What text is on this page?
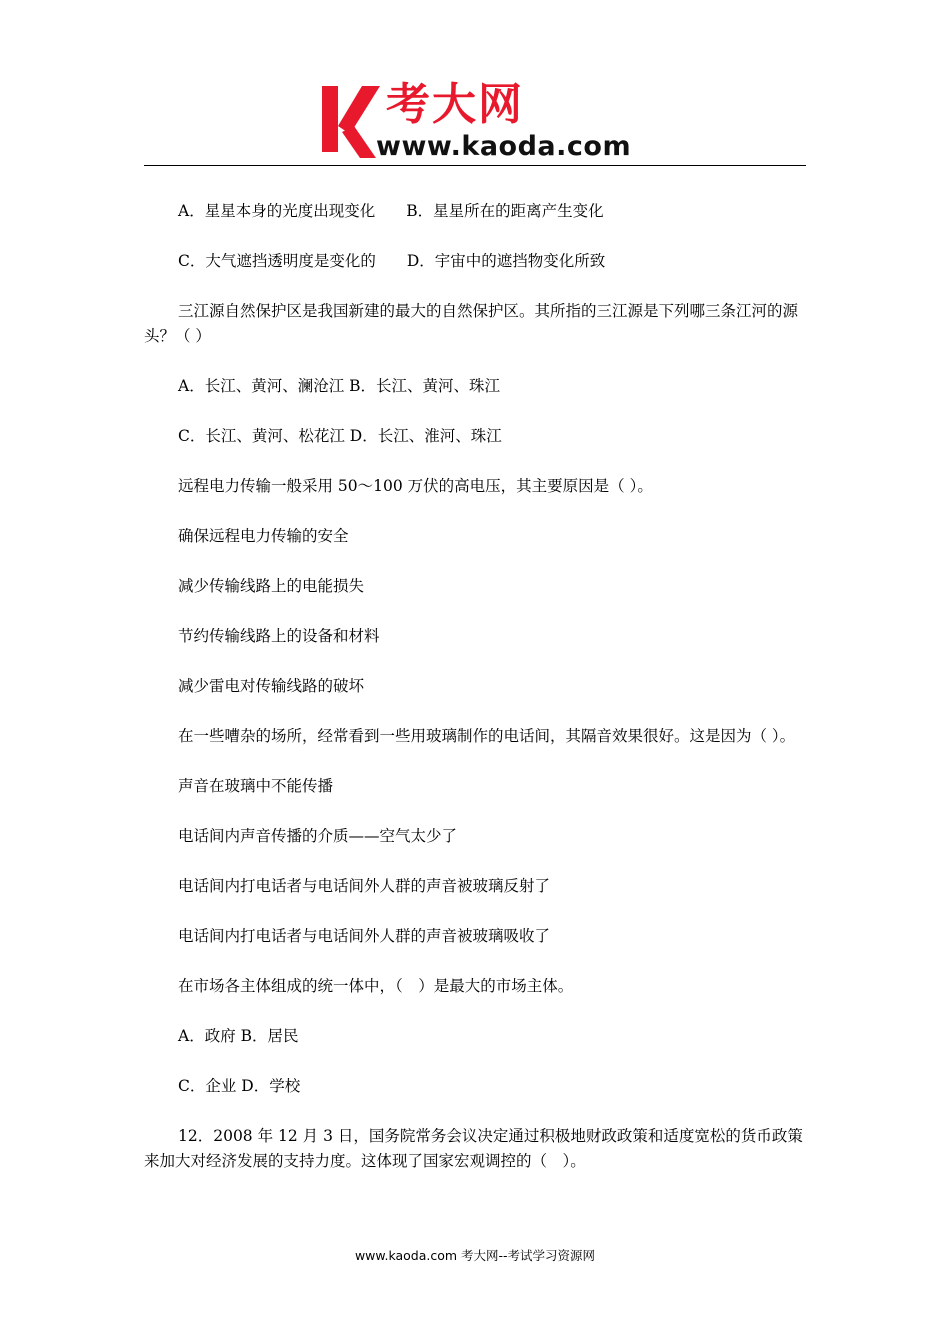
考大网
www.kaoda.com

A．星星本身的光度出现变化　　B．星星所在的距离产生变化

C．大气遮挡透明度是变化的　　D．宇宙中的遮挡物变化所致

三江源自然保护区是我国新建的最大的自然保护区。其所指的三江源是下列哪三条江河的源头？（ ）

A．长江、黄河、澜沧江 B．长江、黄河、珠江

C．长江、黄河、松花江 D．长江、淮河、珠江

远程电力传输一般采用 50～100 万伏的高电压，其主要原因是（ ）。

确保远程电力传输的安全

减少传输线路上的电能损失

节约传输线路上的设备和材料

减少雷电对传输线路的破坏

在一些嘈杂的场所，经常看到一些用玻璃制作的电话间，其隔音效果很好。这是因为（ ）。

声音在玻璃中不能传播

电话间内声音传播的介质——空气太少了

电话间内打电话者与电话间外人群的声音被玻璃反射了

电话间内打电话者与电话间外人群的声音被玻璃吸收了

在市场各主体组成的统一体中，（　）是最大的市场主体。

A．政府 B．居民

C．企业 D．学校

12．2008 年 12 月 3 日，国务院常务会议决定通过积极地财政政策和适度宽松的货币政策来加大对经济发展的支持力度。这体现了国家宏观调控的（　）。

www.kaoda.com 考大网--考试学习资源网
